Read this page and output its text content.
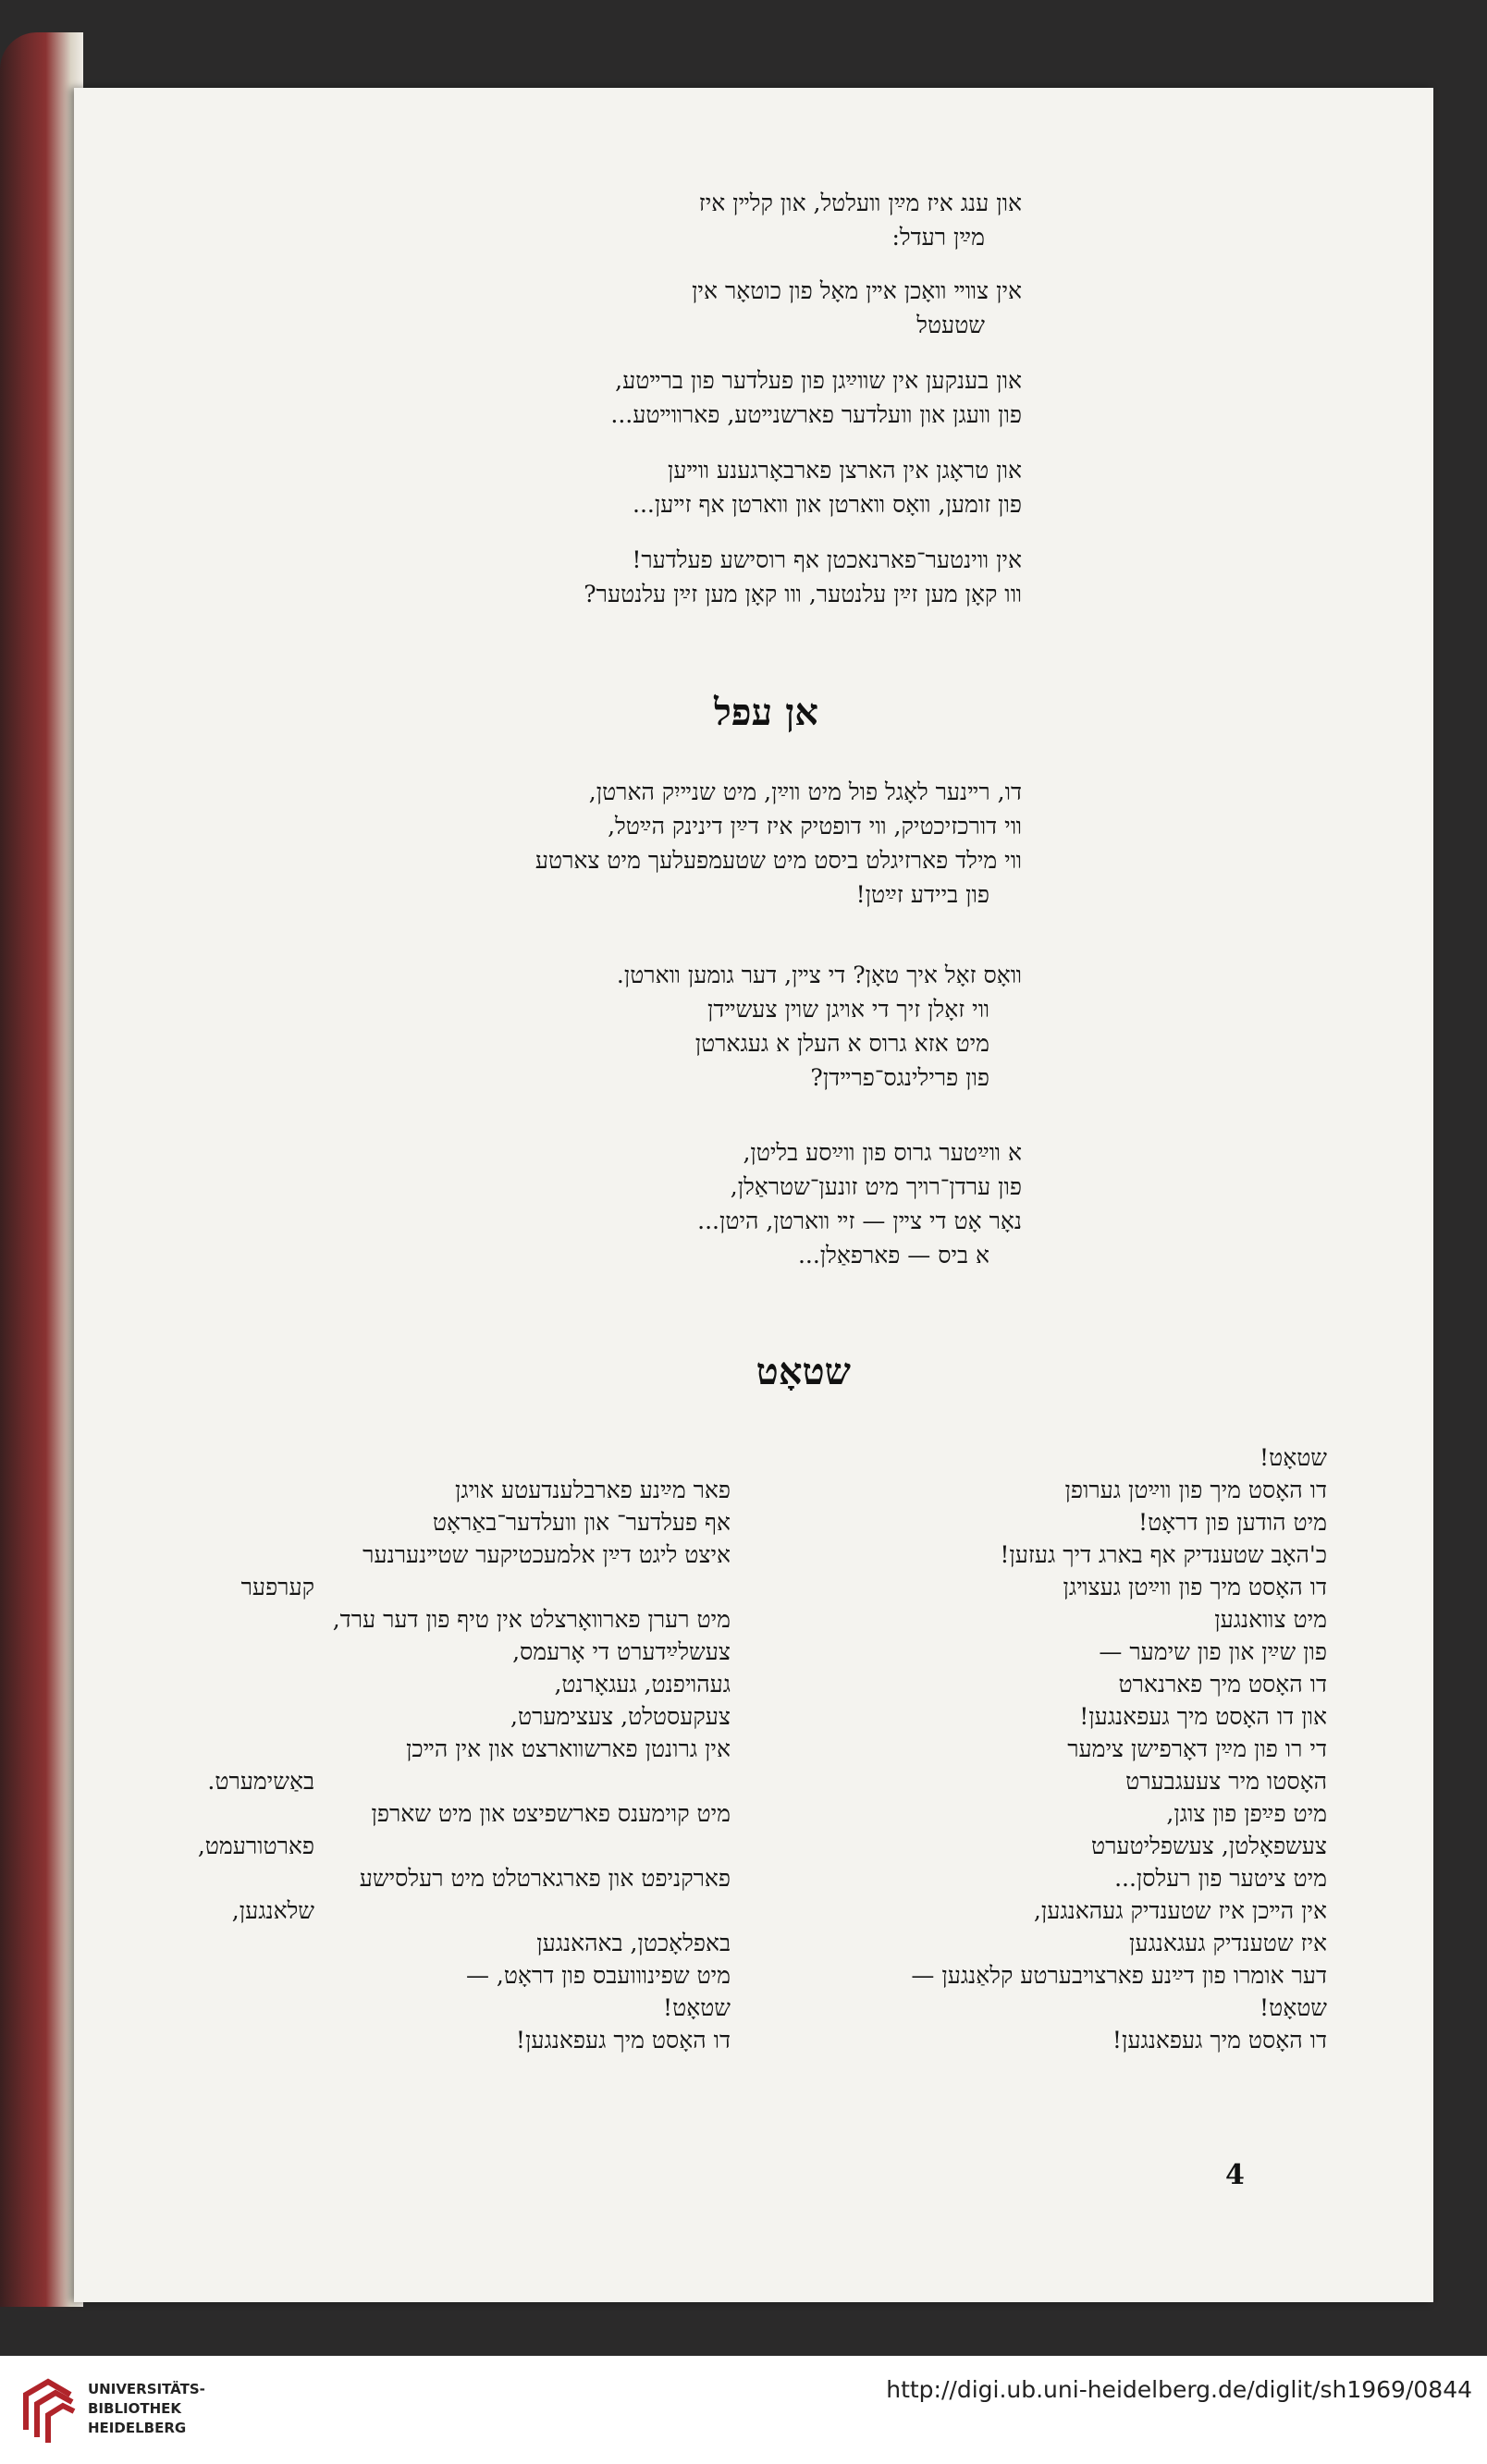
און ענג איז מײַן װעלטל, און קלײן איז
מײַן רעדל:
אין צװײ װאָכן אײן מאָל פון כוטאָר אין
שטעטל
און בענקען אין שװײַגן פון פעלדער פון ברײטע,
פון װעגן און װעלדער פארשנײטע, פארװײטע...
און טראָגן אין הארצן פארבאָרגענע װײען
פון זומען, װאָס װארטן און װארטן אף זײען...
אין װינטער־פארנאכטן אף רוסישע פעלדער!
װו קאָן מען זײַן עלנטער, װו קאָן מען זײַן עלנטער?
אן עפל
דו, רײנער לאָגל פול מיט װײַן, מיט שנײיִק הארטן,
װי דורכזיכטיק, װי דופטיק איז דײַן דינינק הײַטל,
װי מילד פארזיגלט ביסט מיט שטעמפעלעך מיט צארטע
פון ביידע זײַטן!
װאָס זאָל איך טאָן? די צײן, דער גומען װארטן.
װי זאָלן זיך די אױגן שױן צעשײדן
מיט אזא גרוס א העלן א געגארטן
פון פרילינגס־פרײדן?
א װײַטער גרוס פון װײַסע בליטן,
פון ערדן־רױך מיט זונען־שטראַלן,
נאָר אָט די צײן — זײ װארטן, היטן...
א ביס — פארפאַלן...
שטאָט
שטאָט!
דו האָסט מיך פון װײַטן גערופן
מיט הודען פון דראָט!
כ'האָב שטענדיק אף בארג דיך געזען!
דו האָסט מיך פון װײַטן געצױגן
מיט צװאנגען
פון שײַן און פון שימער —
דו האָסט מיך פארנארט
און דו האָסט מיך געפאנגען!
די רו פון מײַן דאָרפישן צימער
האָסטו מיר צעעגבערט
מיט פײַפן פון צוגן,
צעשפאָלטן, צעשפליטערט
מיט ציטער פון רעלסן...
אין הײכן איז שטענדיק געהאנגען,
איז שטענדיק געגאנגען
דער אומרו פון דײַנע פארצױבערטע קלאַנגען —
שטאָט!
דו האָסט מיך געפאנגען!
פאר מײַנע פארבלענדעטע אױגן
אף פעלדער־ און װעלדער־באַראָט
איצט ליגט דײַן אלמעכטיקער שטײנערנער
קערפער
מיט רערן פארװאָרצלט אין טיף פון דער ערד,
צעשלײַדערט די אָרעמס,
געהױפנט, געגאָרנט,
צעקעסטלט, צעצימערט,
אין גרונטן פארשװארצט און אין הײכן
באַשימערט.
מיט קוימענס פארשפיצט און מיט שארפן
פארטורעמט,
פארקניפט און פארגארטלט מיט רעלסישע
שלאנגען,
באפלאָכטן, באהאנגען
מיט שפינװועבס פון דראָט, —
שטאָט!
דו האָסט מיך געפאנגען!
4
UNIVERSITÄTS-
BIBLIOTHEK
HEIDELBERG
http://digi.ub.uni-heidelberg.de/diglit/sh1969/0844
